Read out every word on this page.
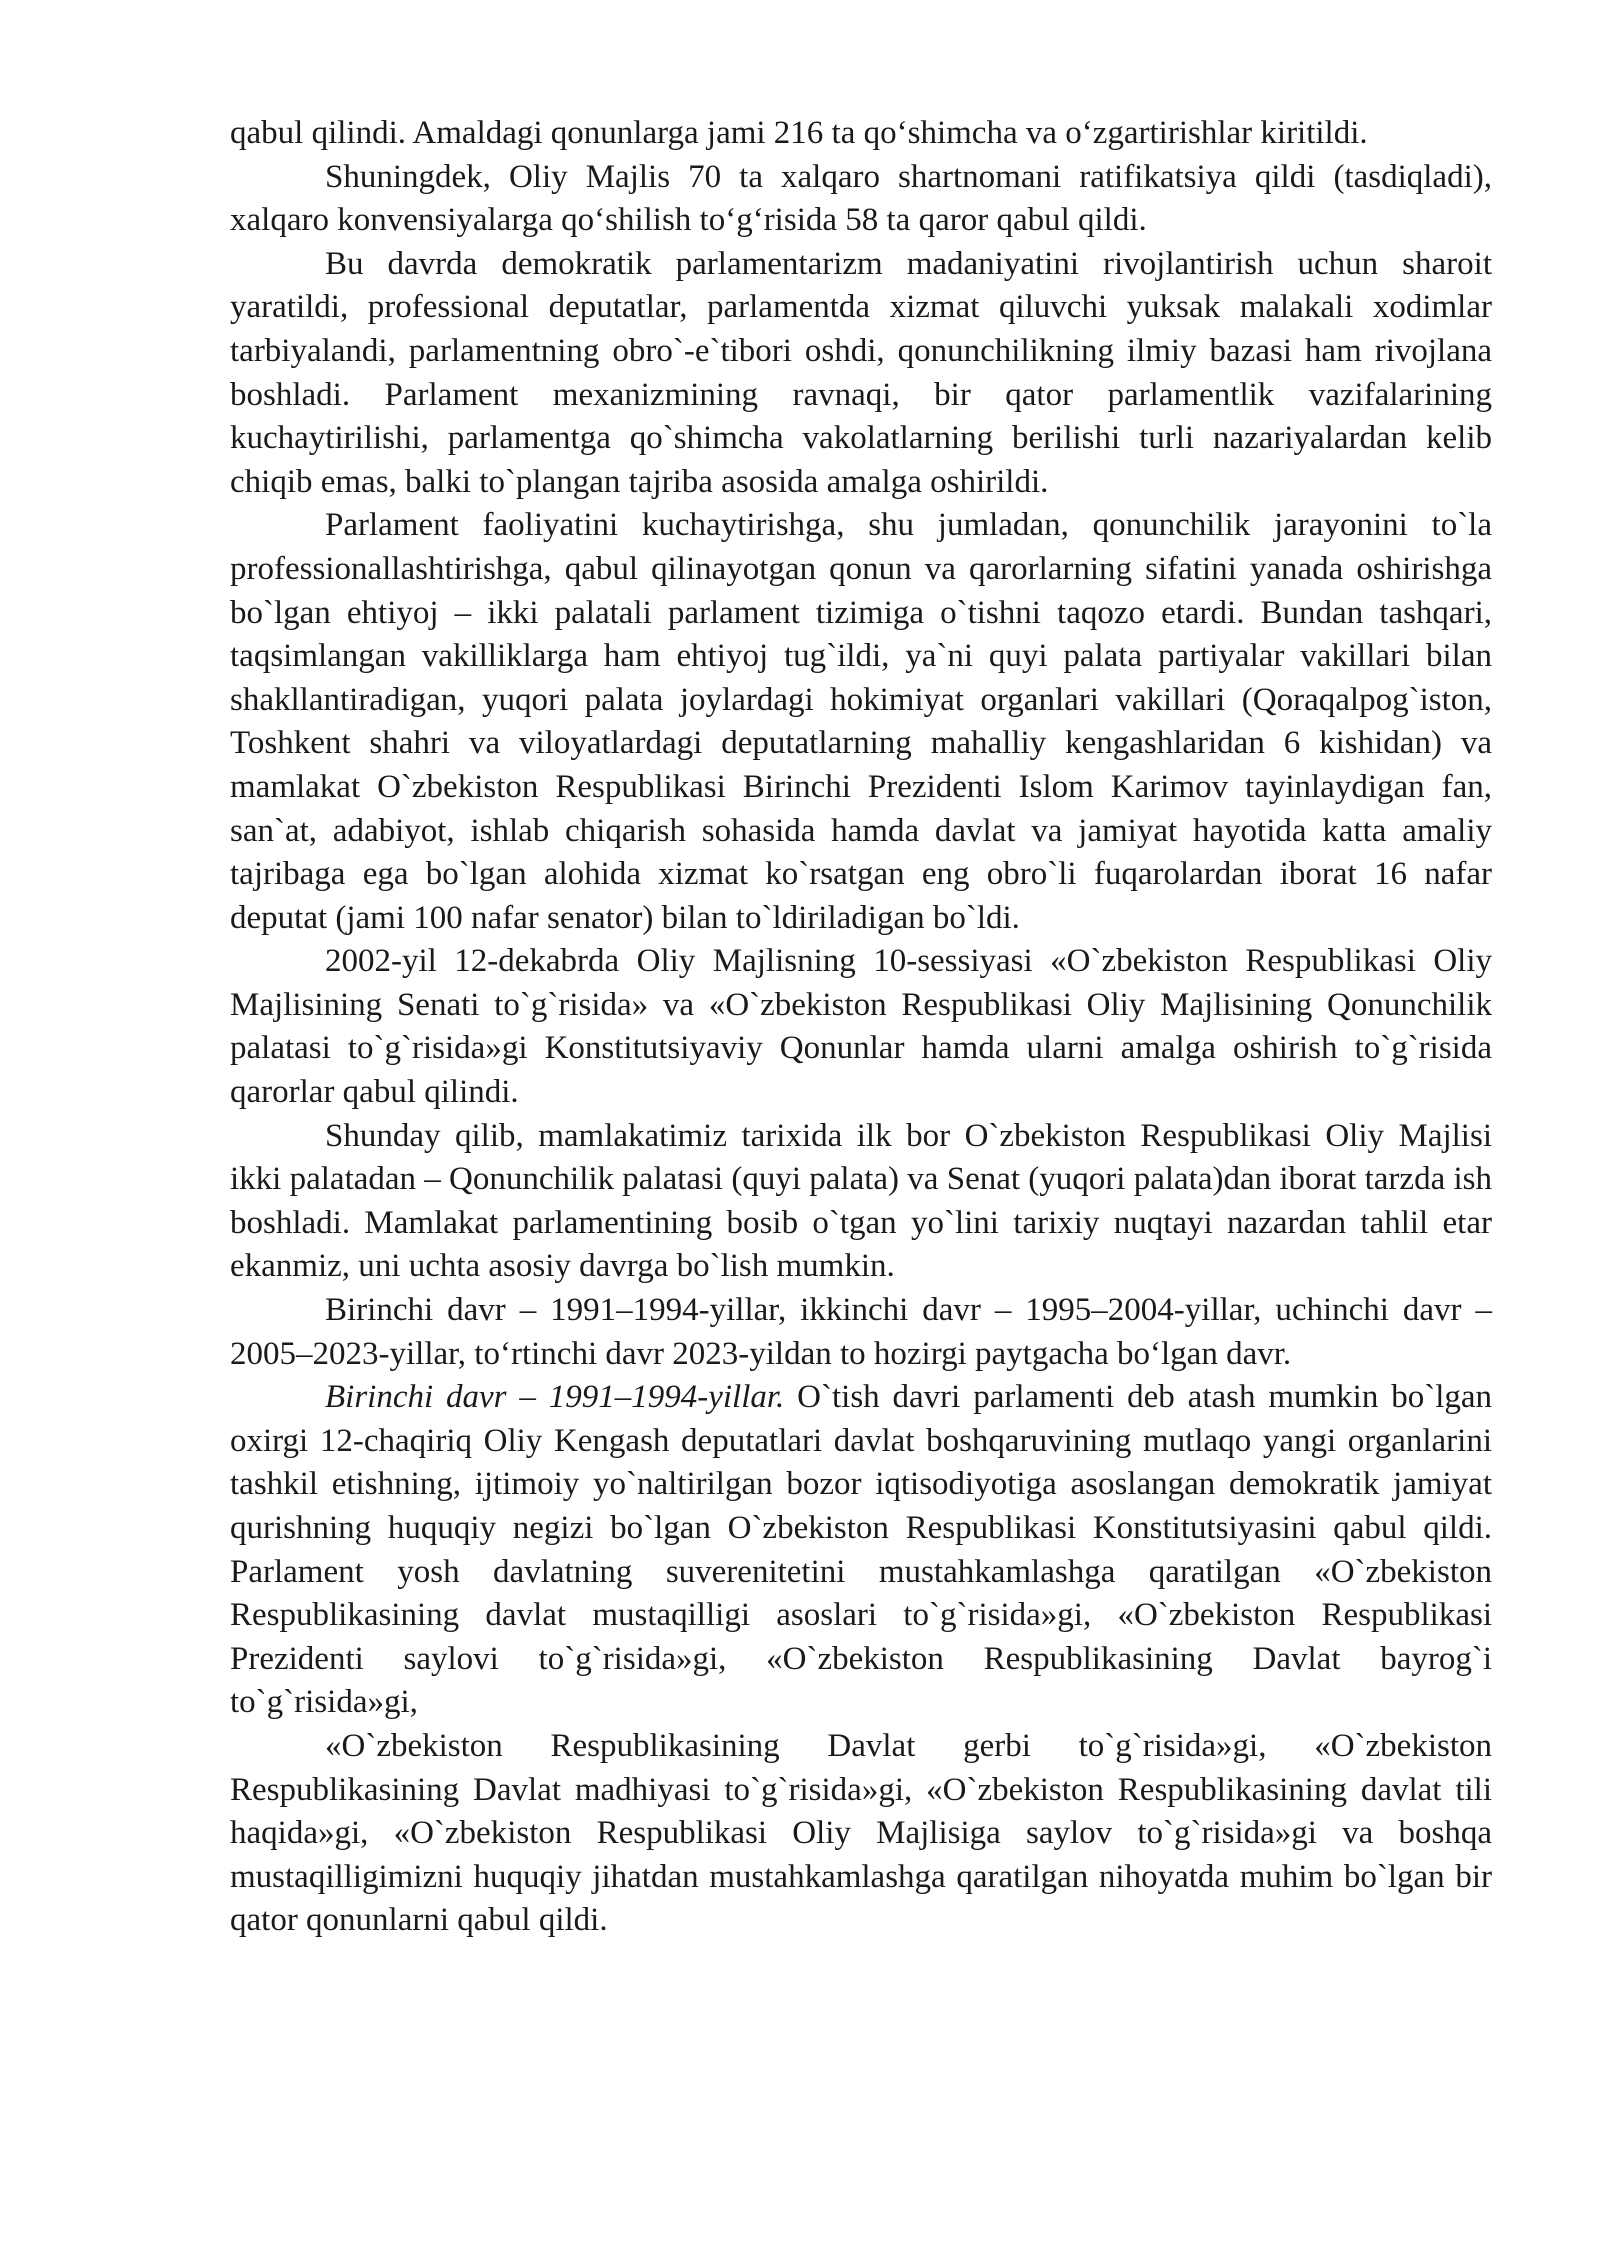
qabul qilindi. Amaldagi qonunlarga jami 216 ta qo‘shimcha va o‘zgartirishlar kiritildi.

Shuningdek, Oliy Majlis 70 ta xalqaro shartnomani ratifikatsiya qildi (tasdiqladi), xalqaro konvensiyalarga qo‘shilish to‘g‘risida 58 ta qaror qabul qildi.

Bu davrda demokratik parlamentarizm madaniyatini rivojlantirish uchun sharoit yaratildi, professional deputatlar, parlamentda xizmat qiluvchi yuksak malakali xodimlar tarbiyalandi, parlamentning obro`-e`tibori oshdi, qonunchilikning ilmiy bazasi ham rivojlana boshladi. Parlament mexanizmining ravnaqi, bir qator parlamentlik vazifalarining kuchaytirilishi, parlamentga qo`shimcha vakolatlarning berilishi turli nazariyalardan kelib chiqib emas, balki to`plangan tajriba asosida amalga oshirildi.

Parlament faoliyatini kuchaytirishga, shu jumladan, qonunchilik jarayonini to`la professionallashtirishga, qabul qilinayotgan qonun va qarorlarning sifatini yanada oshirishga bo`lgan ehtiyoj – ikki palatali parlament tizimiga o`tishni taqozo etardi. Bundan tashqari, taqsimlangan vakilliklarga ham ehtiyoj tug`ildi, ya`ni quyi palata partiyalar vakillari bilan shakllantiradigan, yuqori palata joylardagi hokimiyat organlari vakillari (Qoraqalpog`iston, Toshkent shahri va viloyatlardagi deputatlarning mahalliy kengashlaridan 6 kishidan) va mamlakat O`zbekiston Respublikasi Birinchi Prezidenti Islom Karimov tayinlaydigan fan, san`at, adabiyot, ishlab chiqarish sohasida hamda davlat va jamiyat hayotida katta amaliy tajribaga ega bo`lgan alohida xizmat ko`rsatgan eng obro`li fuqarolardan iborat 16 nafar deputat (jami 100 nafar senator) bilan to`ldiriladigan bo`ldi.

2002-yil 12-dekabrda Oliy Majlisning 10-sessiyasi «O`zbekiston Respublikasi Oliy Majlisining Senati to`g`risida» va «O`zbekiston Respublikasi Oliy Majlisining Qonunchilik palatasi to`g`risida»gi Konstitutsiyaviy Qonunlar hamda ularni amalga oshirish to`g`risida qarorlar qabul qilindi.

Shunday qilib, mamlakatimiz tarixida ilk bor O`zbekiston Respublikasi Oliy Majlisi ikki palatadan – Qonunchilik palatasi (quyi palata) va Senat (yuqori palata)dan iborat tarzda ish boshladi. Mamlakat parlamentining bosib o`tgan yo`lini tarixiy nuqtayi nazardan tahlil etar ekanmiz, uni uchta asosiy davrga bo`lish mumkin.

Birinchi davr – 1991–1994-yillar, ikkinchi davr – 1995–2004-yillar, uchinchi davr – 2005–2023-yillar, to‘rtinchi davr 2023-yildan to hozirgi paytgacha bo‘lgan davr.

Birinchi davr – 1991–1994-yillar. O`tish davri parlamenti deb atash mumkin bo`lgan oxirgi 12-chaqiriq Oliy Kengash deputatlari davlat boshqaruvining mutlaqo yangi organlarini tashkil etishning, ijtimoiy yo`naltirilgan bozor iqtisodiyotiga asoslangan demokratik jamiyat qurishning huquqiy negizi bo`lgan O`zbekiston Respublikasi Konstitutsiyasini qabul qildi. Parlament yosh davlatning suverenitetini mustahkamlashga qaratilgan «O`zbekiston Respublikasining davlat mustaqilligi asoslari to`g`risida»gi, «O`zbekiston Respublikasi Prezidenti saylovi to`g`risida»gi, «O`zbekiston Respublikasining Davlat bayrog`i to`g`risida»gi,

«O`zbekiston Respublikasining Davlat gerbi to`g`risida»gi, «O`zbekiston Respublikasining Davlat madhiyasi to`g`risida»gi, «O`zbekiston Respublikasining davlat tili haqida»gi, «O`zbekiston Respublikasi Oliy Majlisiga saylov to`g`risida»gi va boshqa mustaqilligimizni huquqiy jihatdan mustahkamlashga qaratilgan nihoyatda muhim bo`lgan bir qator qonunlarni qabul qildi.
